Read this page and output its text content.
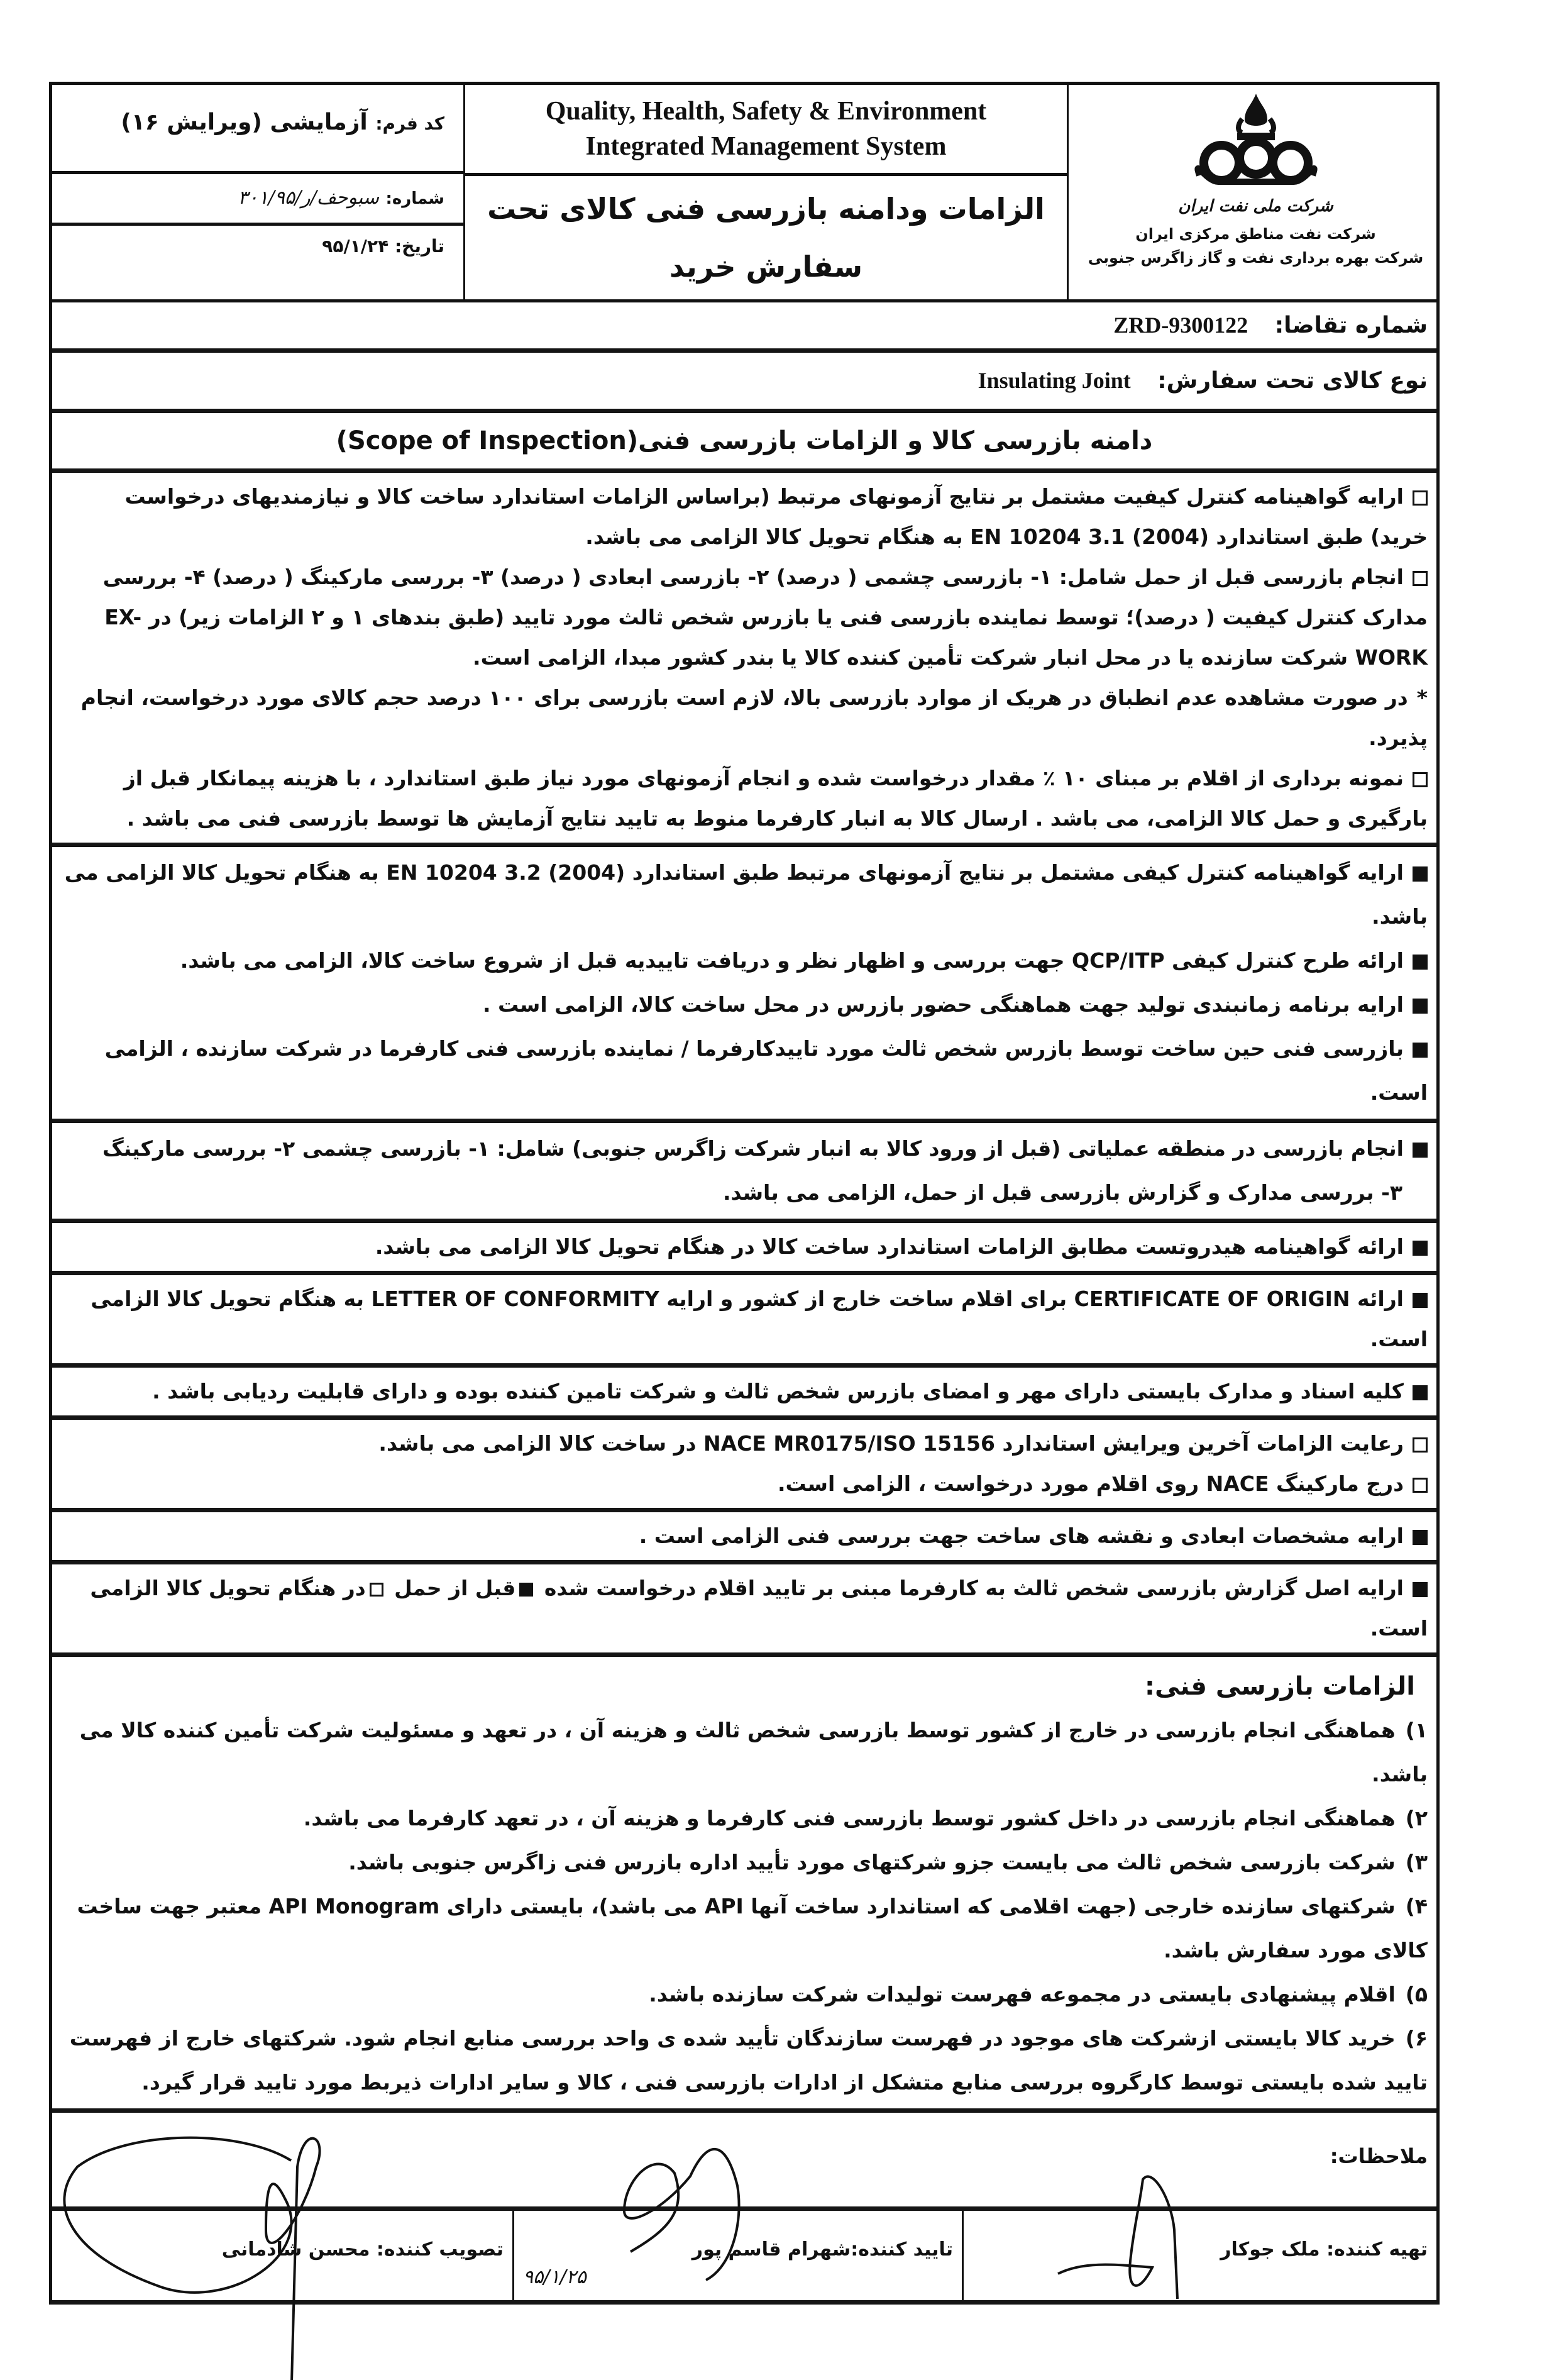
کد فرم: آزمایشی (ویرایش ۱۶)
شماره: سبوحف/ر/۳۰۱/۹۵
تاریخ: ۹۵/۱/۲۴
Quality, Health, Safety & Environment
Integrated Management System
الزامات ودامنه بازرسی فنی کالای تحت
سفارش خرید
شرکت ملی نفت ایران
شرکت نفت مناطق مرکزی ایران
شرکت بهره برداری نفت و گاز زاگرس جنوبی
شماره تقاضا: ZRD-9300122
نوع کالای تحت سفارش: Insulating Joint
دامنه بازرسی کالا و الزامات بازرسی فنی(Scope of Inspection)
ارایه گواهینامه کنترل کیفیت مشتمل بر نتایج آزمونهای مرتبط (براساس الزامات استاندارد ساخت کالا و نیازمندیهای درخواست خرید) طبق استاندارد (2004) EN 10204 3.1 به هنگام تحویل کالا الزامی می باشد.
انجام بازرسی قبل از حمل شامل: ۱- بازرسی چشمی ( درصد) ۲- بازرسی ابعادی ( درصد) ۳- بررسی مارکینگ ( درصد) ۴- بررسی مدارک کنترل کیفیت ( درصد)؛ توسط نماینده بازرسی فنی یا بازرس شخص ثالث مورد تایید (طبق بندهای ۱ و ۲ الزامات زیر) در EX-WORK شرکت سازنده یا در محل انبار شرکت تأمین کننده کالا یا بندر کشور مبدا، الزامی است.
*در صورت مشاهده عدم انطباق در هریک از موارد بازرسی بالا، لازم است بازرسی برای ۱۰۰ درصد حجم کالای مورد درخواست، انجام پذیرد.
نمونه برداری از اقلام بر مبنای ۱۰ ٪ مقدار درخواست شده و انجام آزمونهای مورد نیاز طبق استاندارد ، با هزینه پیمانکار قبل از بارگیری و حمل کالا الزامی، می باشد . ارسال کالا به انبار کارفرما منوط به تایید نتایج آزمایش ها توسط بازرسی فنی می باشد .
ارایه گواهینامه کنترل کیفی مشتمل بر نتایج آزمونهای مرتبط طبق استاندارد (2004) EN 10204 3.2 به هنگام تحویل کالا الزامی می باشد.
ارائه طرح کنترل کیفی QCP/ITP جهت بررسی و اظهار نظر و دریافت تاییدیه قبل از شروع ساخت کالا، الزامی می باشد.
ارایه برنامه زمانبندی تولید جهت هماهنگی حضور بازرس در محل ساخت کالا، الزامی است .
بازرسی فنی حین ساخت توسط بازرس شخص ثالث مورد تاییدکارفرما / نماینده بازرسی فنی کارفرما در شرکت سازنده ، الزامی است.
انجام بازرسی در منطقه عملیاتی (قبل از ورود کالا به انبار شرکت زاگرس جنوبی) شامل: ۱- بازرسی چشمی ۲- بررسی مارکینگ
۳- بررسی مدارک و گزارش بازرسی قبل از حمل، الزامی می باشد.
ارائه گواهینامه هیدروتست مطابق الزامات استاندارد ساخت کالا در هنگام تحویل کالا الزامی می باشد.
ارائه CERTIFICATE OF ORIGIN برای اقلام ساخت خارج از کشور و ارایه LETTER OF CONFORMITY به هنگام تحویل کالا الزامی است.
کلیه اسناد و مدارک بایستی دارای مهر و امضای بازرس شخص ثالث و شرکت تامین کننده بوده و دارای قابلیت ردیابی باشد .
رعایت الزامات آخرین ویرایش استاندارد NACE MR0175/ISO 15156 در ساخت کالا الزامی می باشد.
درج مارکینگ NACE روی اقلام مورد درخواست ، الزامی است.
ارایه مشخصات ابعادی و نقشه های ساخت جهت بررسی فنی الزامی است .
ارایه اصل گزارش بازرسی شخص ثالث به کارفرما مبنی بر تایید اقلام درخواست شده قبل از حمل در هنگام تحویل کالا الزامی است.
الزامات بازرسی فنی:
۱)هماهنگی انجام بازرسی در خارج از کشور توسط بازرسی شخص ثالث و هزینه آن ، در تعهد و مسئولیت شرکت تأمین کننده کالا می باشد.
۲)هماهنگی انجام بازرسی در داخل کشور توسط بازرسی فنی کارفرما و هزینه آن ، در تعهد کارفرما می باشد.
۳)شرکت بازرسی شخص ثالث می بایست جزو شرکتهای مورد تأیید اداره بازرس فنی زاگرس جنوبی باشد.
۴)شرکتهای سازنده خارجی (جهت اقلامی که استاندارد ساخت آنها API می باشد)، بایستی دارای API Monogram معتبر جهت ساخت کالای مورد سفارش باشد.
۵)اقلام پیشنهادی بایستی در مجموعه فهرست تولیدات شرکت سازنده باشد.
۶)خرید کالا بایستی ازشرکت های موجود در فهرست سازندگان تأیید شده ی واحد بررسی منابع انجام شود. شرکتهای خارج از فهرست تایید شده بایستی توسط کارگروه بررسی منابع متشکل از ادارات بازرسی فنی ، کالا و سایر ادارات ذیربط مورد تایید قرار گیرد.
ملاحظات:
تهیه کننده: ملک جوکار
تایید کننده:شهرام قاسم پور
۹۵/۱/۲۵
تصویب کننده: محسن شادمانی
